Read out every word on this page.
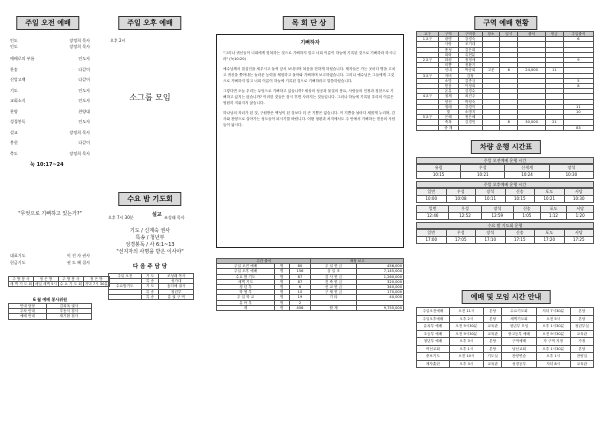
주일 오전 예배
인도	장정희 목사
인도	장정희 목사
예배로의 부름	인도자
찬송	다같이
신앙고백	다같이
기도	인도자
교회소식	인도자
찬양	찬양대
성경봉독	인도자
설교	장정희 목사
봉헌	다같이
축도	장정희 목사
눅 10:17~24
"무엇으로 기뻐하고 있는가?"
대표기도	이 진 자 권사
헌금기도	권 도 혜 집사
주 방 봉 사	정 은 방	주 방 봉 사	정 은 방
새 벽 기 도 회	매일 새벽 5시	수 요 기 도 회	저녁 7시 30분
6 월 예배 봉사위원
안내 담당	김희옥 권사
주차 안내	우동식 집사
예배 안내	세기환 집사
주일 오후 예배
오후 2시
소그룹 모임
수요 밤 기도회
오후 7시 30분	설교 조성래 목사
기도 / 신계숙 권사
특송 / 청년부
성경봉독 / 사 6:1~13
"선지자의 사명을 받은 이사야"
다 음 주 담 당
주일 오전	기 도	조성래 목사
	특 송	성가대
수요밤기도	기 도	홍다혜 권사
	특 송	청년부
	특 송	유 권 구 역
목 회 단 상
기뻐하자
"그러나 귀신들이 너희에게 항복하는 것으로 기뻐하지 말고 너희 이름이 하늘에 기록된 것으로 기뻐하라 하시니라" (눅10:20)
예수님께서 칠십인을 세우시고 둘씩 앞서 보내시며 복음을 전하게 하셨습니다. 제자들은 가는 곳마다 병을 고치고 귀신을 쫓아내는 놀라운 능력을 체험하고 돌아와 기뻐하며 보고하였습니다. 그러나 예수님은 그들에게 그것으로 기뻐하지 말고 너희 이름이 하늘에 기록된 것으로 기뻐하라고 말씀하셨습니다.
그렇다면 오늘 우리는 무엇으로 기뻐하고 있습니까? 세상의 성공과 물질의 풍요, 사람들의 인정과 칭찬으로 기뻐하고 있지는 않습니까? 이러한 것들은 잠시 후면 사라지는 것들입니다. 그러나 하늘에 기록된 우리의 이름은 영원히 지워지지 않습니다.
하나님의 자녀가 된 것, 구원받은 백성이 된 것보다 더 큰 기쁨은 없습니다. 이 기쁨을 날마다 새롭게 누리며, 감사와 찬양으로 살아가는 성도들이 되시기를 바랍니다. 어떤 형편과 처지에서도 주 안에서 기뻐하는 믿음의 사람들이 됩시다.
주간 출석			재정 보고	
주일 오전 예배	명	80	주 일 헌 금	456,000
주일 오후 예배	명	156	십 일 조	7,145,000
수요 밤 기도	명	87	감 사 헌 금	1,260,000
새벽 기도	명	87	건 축 헌 금	320,000
청 년 부	명	6	선 교 헌 금	340,000
학 생 부	명	10	구 제 헌 금	170,000
주 일 학 교	명	19	기 타	40,000
유 아 부	명	2		
계	명	456	합 계	9,755,000
구역 예배 현황
교구	구역	구역장	장소	일시	출석	헌금	주일출석
1교구	광명	강경숙					6
	사랑	조기대					
	충성	김은희					
	희락	유현분					
2교구	화평	정정애					9
	미쁨	정환기					
	인내	박공희	고운	6	24,000	11	
3교구	자비	김정					
	소망	김종규					5
	믿음	이정희					8
	온유	김경수					
4교구	절제	최진주					
	양선	박정숙					
	열매	강경이					11
	빛	소명지					10
5교구	은혜	정은혜					
	축복	김경민		8	30,000	21	
	중 계						83
차량 운행 시간표
주일 오전예배 운행 시간
유림	우성	신세계	장석
10:15	10:21	10:24	10:30
주일 오후예배 운행 시간
일번	우성	장석	신송	포도	서당
10:00	10:08	10:11	10:15	10:21	10:30
일번	우성	장석	신송	포도	서당
12:46	12:52	12:59	1:05	1:12	1:20
수요 밤 기도회 운행
일번	우성	장석	신송	포도	서당
17:00	17:05	17:10	17:15	17:20	17:25
예배 및 모임 시간 안내
주일오전예배	오전 11시	본당	수요기도회	저녁 7시30분	본당
주일오후예배	오후 2시	본당	새벽기도회	오전 5시	본당
유치부 예배	오전 9시30분	교육관	청년부 모임	오후 1시30분	청년부실
초등부 예배	오전 9시30분	교육관	중고등부 예배	오전 9시30분	교육관
청년부 예배	오후 3시	본당	구역예배	각 구역 지정	가정
여선교회	오후 1시	본당	남선교회	오후 1시30분	본당
중보기도	오전 10시	기도실	찬양연습	오후 1시	찬양실
제자훈련	오후 3시	교육관	성경공부	저녁 8시	교육관
